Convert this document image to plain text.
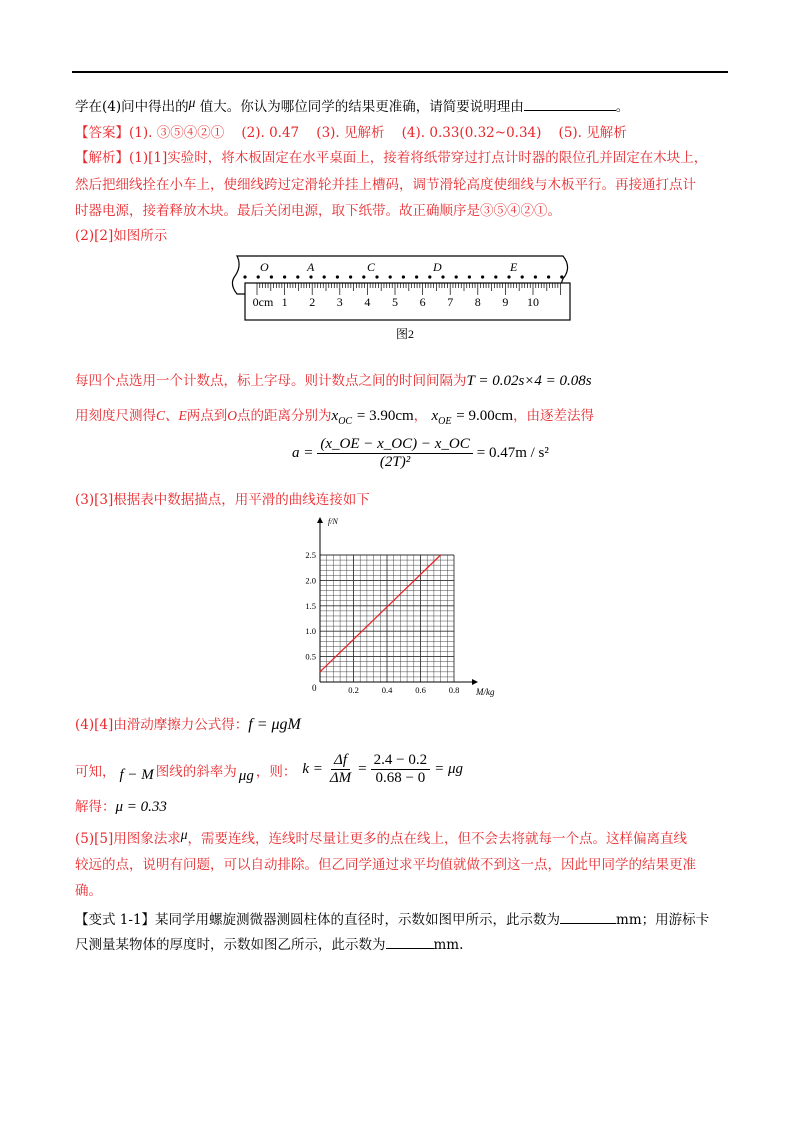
学在(4)问中得出的μ 值大。你认为哪位同学的结果更准确，请简要说明理由	。
【答案】(1). ③⑤④②①    (2). 0.47    (3). 见解析    (4). 0.33(0.32~0.34)    (5). 见解析
【解析】(1)[1]实验时，将木板固定在水平桌面上，接着将纸带穿过打点计时器的限位孔并固定在木块上，
然后把细线拴在小车上，使细线跨过定滑轮并挂上槽码，调节滑轮高度使细线与木板平行。再接通打点计
时器电源，接着释放木块。最后关闭电源，取下纸带。故正确顺序是③⑤④②①。
(2)[2]如图所示
O	A	C	D	E
0cm 1 2 3 4 5 6 7 8 9 10
图2
每四个点选用一个计数点，标上字母。则计数点之间的时间间隔为T = 0.02s×4 = 0.08s
用刻度尺测得C、E两点到O点的距离分别为$x_{OC} = 3.90cm$， $x_{OE} = 9.00cm$，由逐差法得
$a = \frac{(x\_OE - x\_OC) - x\_OC}{\text{(2T)²}} = 0.47m / s^2$
(3)[3]根据表中数据描点，用平滑的曲线连接如下
f/N
M/kg
0
0.5
1.0
1.5
2.0
2.5
0.2	0.4	0.6	0.8
(4)[4]由滑动摩擦力公式得：f = μgM
可知， f − M 图线的斜率为 μg ，则： $k = \frac{\Delta f}{\Delta M} = \frac{2.4 - 0.2}{0.68 - 0} = \mu g$
解得：μ = 0.33
(5)[5]用图象法求μ，需要连线，连线时尽量让更多的点在线上，但不会去将就每一个点。这样偏离直线
较远的点，说明有问题，可以自动排除。但乙同学通过求平均值就做不到这一点，因此甲同学的结果更准
确。
【变式 1-1】某同学用螺旋测微器测圆柱体的直径时，示数如图甲所示，此示数为	mm；用游标卡
尺测量某物体的厚度时，示数如图乙所示，此示数为	mm.
